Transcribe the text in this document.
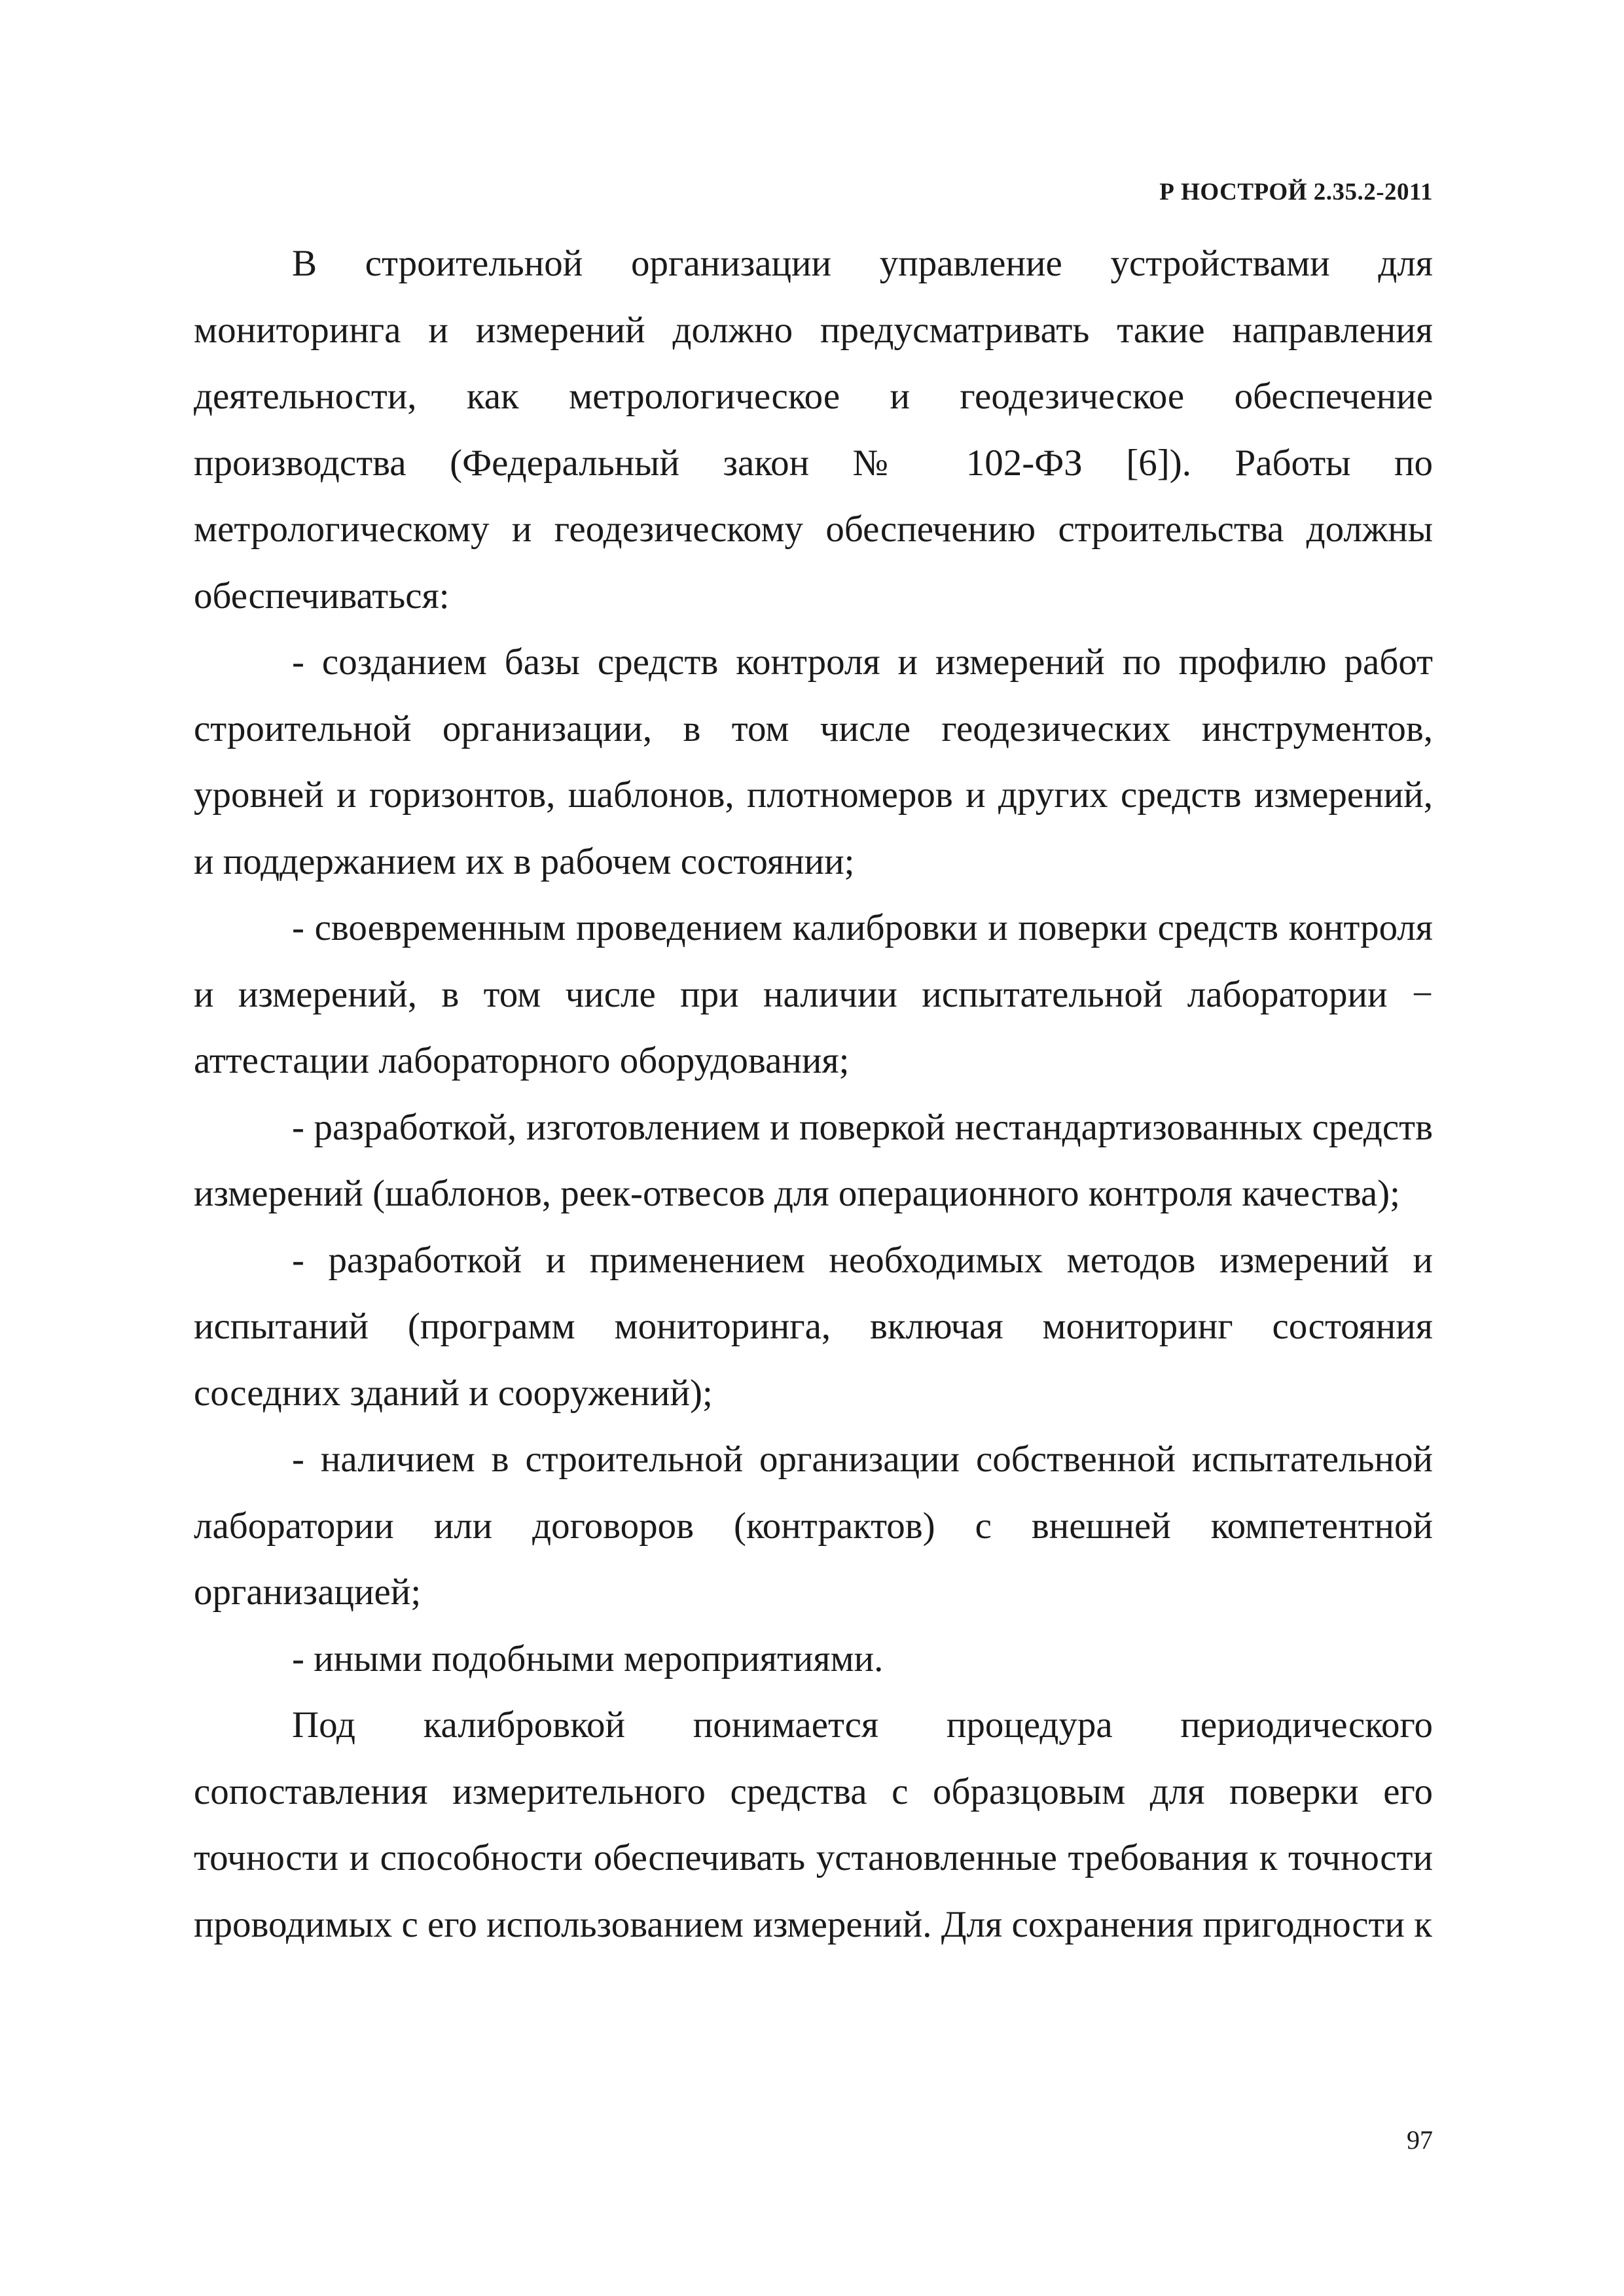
Р НОСТРОЙ 2.35.2-2011

В строительной организации управление устройствами для мониторинга и измерений должно предусматривать такие направления деятельности, как метрологическое и геодезическое обеспечение производства (Федеральный закон № 102-ФЗ [6]). Работы по метрологическому и геодезическому обеспечению строительства должны обеспечиваться:

- созданием базы средств контроля и измерений по профилю работ строительной организации, в том числе геодезических инструментов, уровней и горизонтов, шаблонов, плотномеров и других средств измерений, и поддержанием их в рабочем состоянии;

- своевременным проведением калибровки и поверки средств контроля и измерений, в том числе при наличии испытательной лаборатории − аттестации лабораторного оборудования;

- разработкой, изготовлением и поверкой нестандартизованных средств измерений (шаблонов, реек-отвесов для операционного контроля качества);

- разработкой и применением необходимых методов измерений и испытаний (программ мониторинга, включая мониторинг состояния соседних зданий и сооружений);

- наличием в строительной организации собственной испытательной лаборатории или договоров (контрактов) с внешней компетентной организацией;

- иными подобными мероприятиями.

Под калибровкой понимается процедура периодического сопоставления измерительного средства с образцовым для поверки его точности и способности обеспечивать установленные требования к точности проводимых с его использованием измерений. Для сохранения пригодности к

97
